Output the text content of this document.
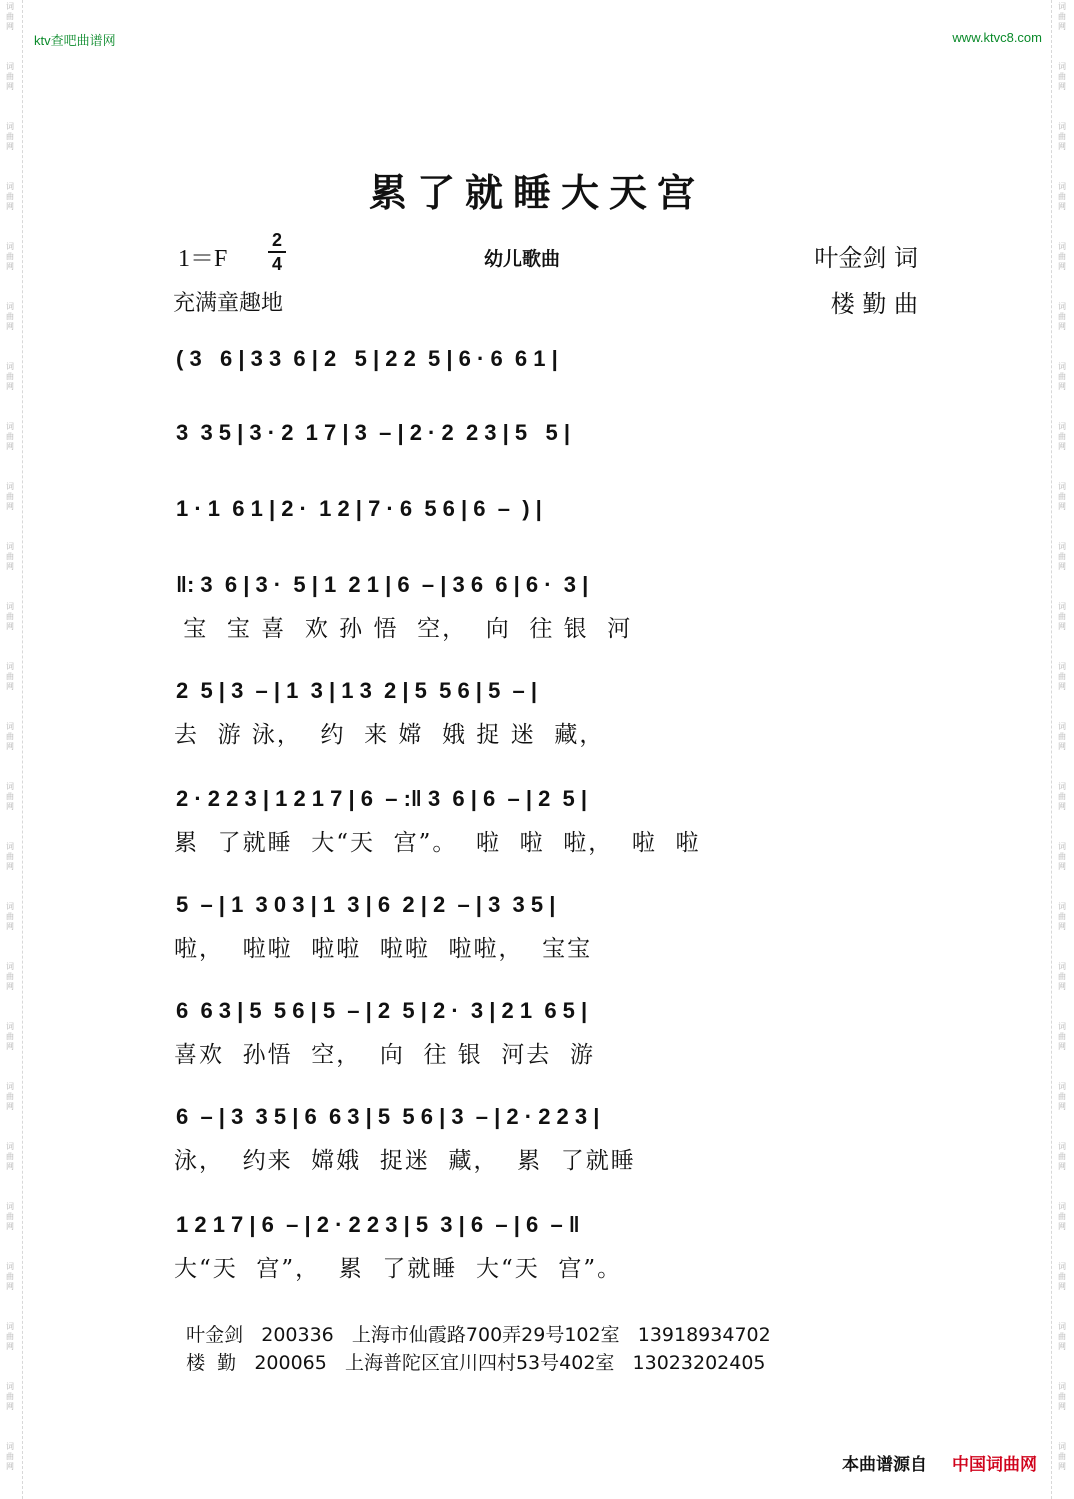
词
曲
网
词
曲
网
词
曲
网
词
曲
网
词
曲
网
词
曲
网
词
曲
网
词
曲
网
词
曲
网
词
曲
网
词
曲
网
词
曲
网
词
曲
网
词
曲
网
词
曲
网
词
曲
网
词
曲
网
词
曲
网
词
曲
网
词
曲
网
词
曲
网
词
曲
网
词
曲
网
词
曲
网
词
曲
网
词
曲
网
词
曲
网
词
曲
网
词
曲
网
词
曲
网
词
曲
网
词
曲
网
词
曲
网
词
曲
网
词
曲
网
词
曲
网
词
曲
网
词
曲
网
词
曲
网
词
曲
网
词
曲
网
词
曲
网
词
曲
网
词
曲
网
词
曲
网
词
曲
网
词
曲
网
词
曲
网
词
曲
网
词
曲
网
ktv查吧曲谱网	www.ktvc8.com
累了就睡大天宫
1＝F
2
4	幼儿歌曲	叶金剑 词
楼 勤 曲
充满童趣地
( 3   6 | 3 3  6 | 2   5 | 2 2  5 | 6 · 6  6 1 |
3  3 5 | 3 · 2  1 7 | 3  – | 2 · 2  2 3 | 5   5 |
1 · 1  6 1 | 2 ·  1 2 | 7 · 6  5 6 | 6  –  ) |
‖: 3  6 | 3 ·  5 | 1  2 1 | 6  – | 3 6  6 | 6 ·  3 |
宝  宝 喜  欢 孙 悟  空，  向  往 银  河
2  5 | 3  – | 1  3 | 1 3  2 | 5  5 6 | 5  – |
去  游 泳，  约  来 嫦  娥 捉 迷  藏，
2 · 2 2 3 | 1 2 1 7 | 6  – :‖ 3  6 | 6  – | 2  5 |
累  了就睡  大“天  宫”。  啦  啦  啦，  啦  啦
5  – | 1  3 0 3 | 1  3 | 6  2 | 2  – | 3  3 5 |
啦，  啦啦  啦啦  啦啦  啦啦，  宝宝
6  6 3 | 5  5 6 | 5  – | 2  5 | 2 ·  3 | 2 1  6 5 |
喜欢  孙悟  空，  向  往 银  河去  游
6  – | 3  3 5 | 6  6 3 | 5  5 6 | 3  – | 2 · 2 2 3 |
泳，  约来  嫦娥  捉迷  藏，  累  了就睡
1 2 1 7 | 6  – | 2 · 2 2 3 | 5  3 | 6  – | 6  – ‖
大“天  宫”，  累  了就睡  大“天  宫”。

叶金剑 200336 上海市仙霞路700弄29号102室 13918934702

楼  勤 200065 上海普陀区宜川四村53号402室 13023202405

本曲谱源自 中国词曲网
